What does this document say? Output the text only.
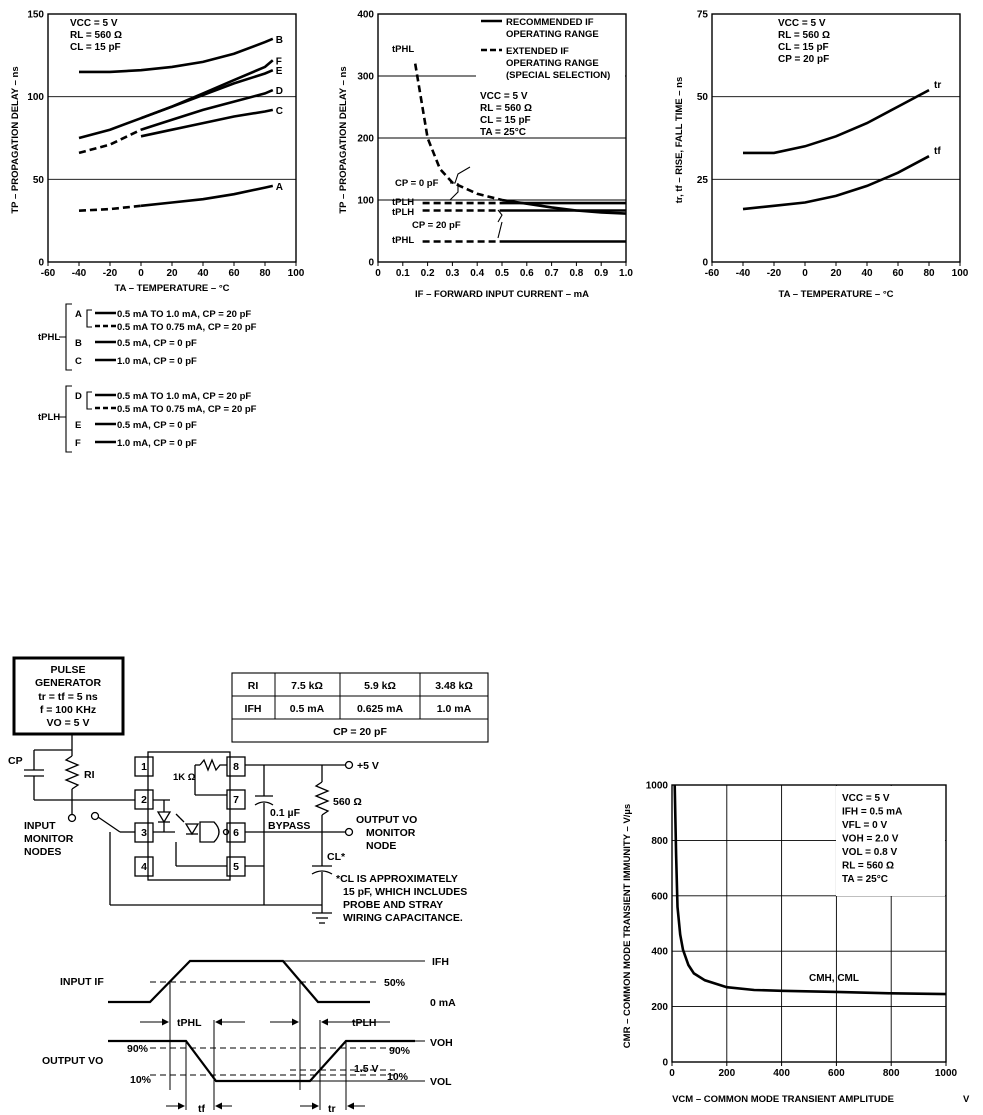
0
50
100
150
-60 -40 -20 0 20 40 60 80 100
A
B
C
D
E
F
VCC = 5 V
RL = 560 Ω
CL = 15 pF
TA – TEMPERATURE – °C
TP – PROPAGATION DELAY – ns
0
100
200
300
400
0 0.1 0.2 0.3 0.4 0.5 0.6 0.7 0.8 0.9 1.0
RECOMMENDED IF
OPERATING RANGE
EXTENDED IF
OPERATING RANGE
(SPECIAL SELECTION)
VCC = 5 V
RL = 560 Ω
CL = 15 pF
TA = 25°C
tPHL
CP = 0 pF
tPLH
tPLH
CP = 20 pF
tPHL
IF – FORWARD INPUT CURRENT – mA
TP – PROPAGATION DELAY – ns
0
25
50
75
-60 -40 -20 0 20 40 60 80 100
tr
tf
VCC = 5 V
RL = 560 Ω
CL = 15 pF
CP = 20 pF
TA – TEMPERATURE – °C
tr, tf – RISE, FALL TIME – ns
tPHL
tPLH
A	0.5 mA TO 1.0 mA, CP = 20 pF
0.5 mA TO 0.75 mA, CP = 20 pF
B	0.5 mA, CP = 0 pF
C	1.0 mA, CP = 0 pF
D	0.5 mA TO 1.0 mA, CP = 20 pF
0.5 mA TO 0.75 mA, CP = 20 pF
E	0.5 mA, CP = 0 pF
F	1.0 mA, CP = 0 pF
PULSE
GENERATOR
tr = tf = 5 ns
f = 100 KHz
VO = 5 V
RI	7.5 kΩ	5.9 kΩ	3.48 kΩ
IFH	0.5 mA	0.625 mA	1.0 mA
CP = 20 pF
1
2
3
4
8
6
7
5
CP
RI	1K Ω
+5 V
0.1 µF
BYPASS
560 Ω
OUTPUT VO
MONITOR
NODE
CL*
INPUT
MONITOR
NODES
*CL IS APPROXIMATELY
15 pF, WHICH INCLUDES
PROBE AND STRAY
WIRING CAPACITANCE.
INPUT IF
IFH
50%
0 mA
tPHL	tPLH
OUTPUT VO
90%	90%
10%	10%
1.5 V
VOH
VOL
tf	tr
0
200
400
600
800
1000
0	200	400	600	800	1000
CMH, CML
VCC = 5 V
IFH = 0.5 mA
VFL = 0 V
VOH = 2.0 V
VOL = 0.8 V
RL = 560 Ω
TA = 25°C
VCM – COMMON MODE TRANSIENT AMPLITUDE	V
CMR – COMMON MODE TRANSIENT IMMUNITY – V/µs
